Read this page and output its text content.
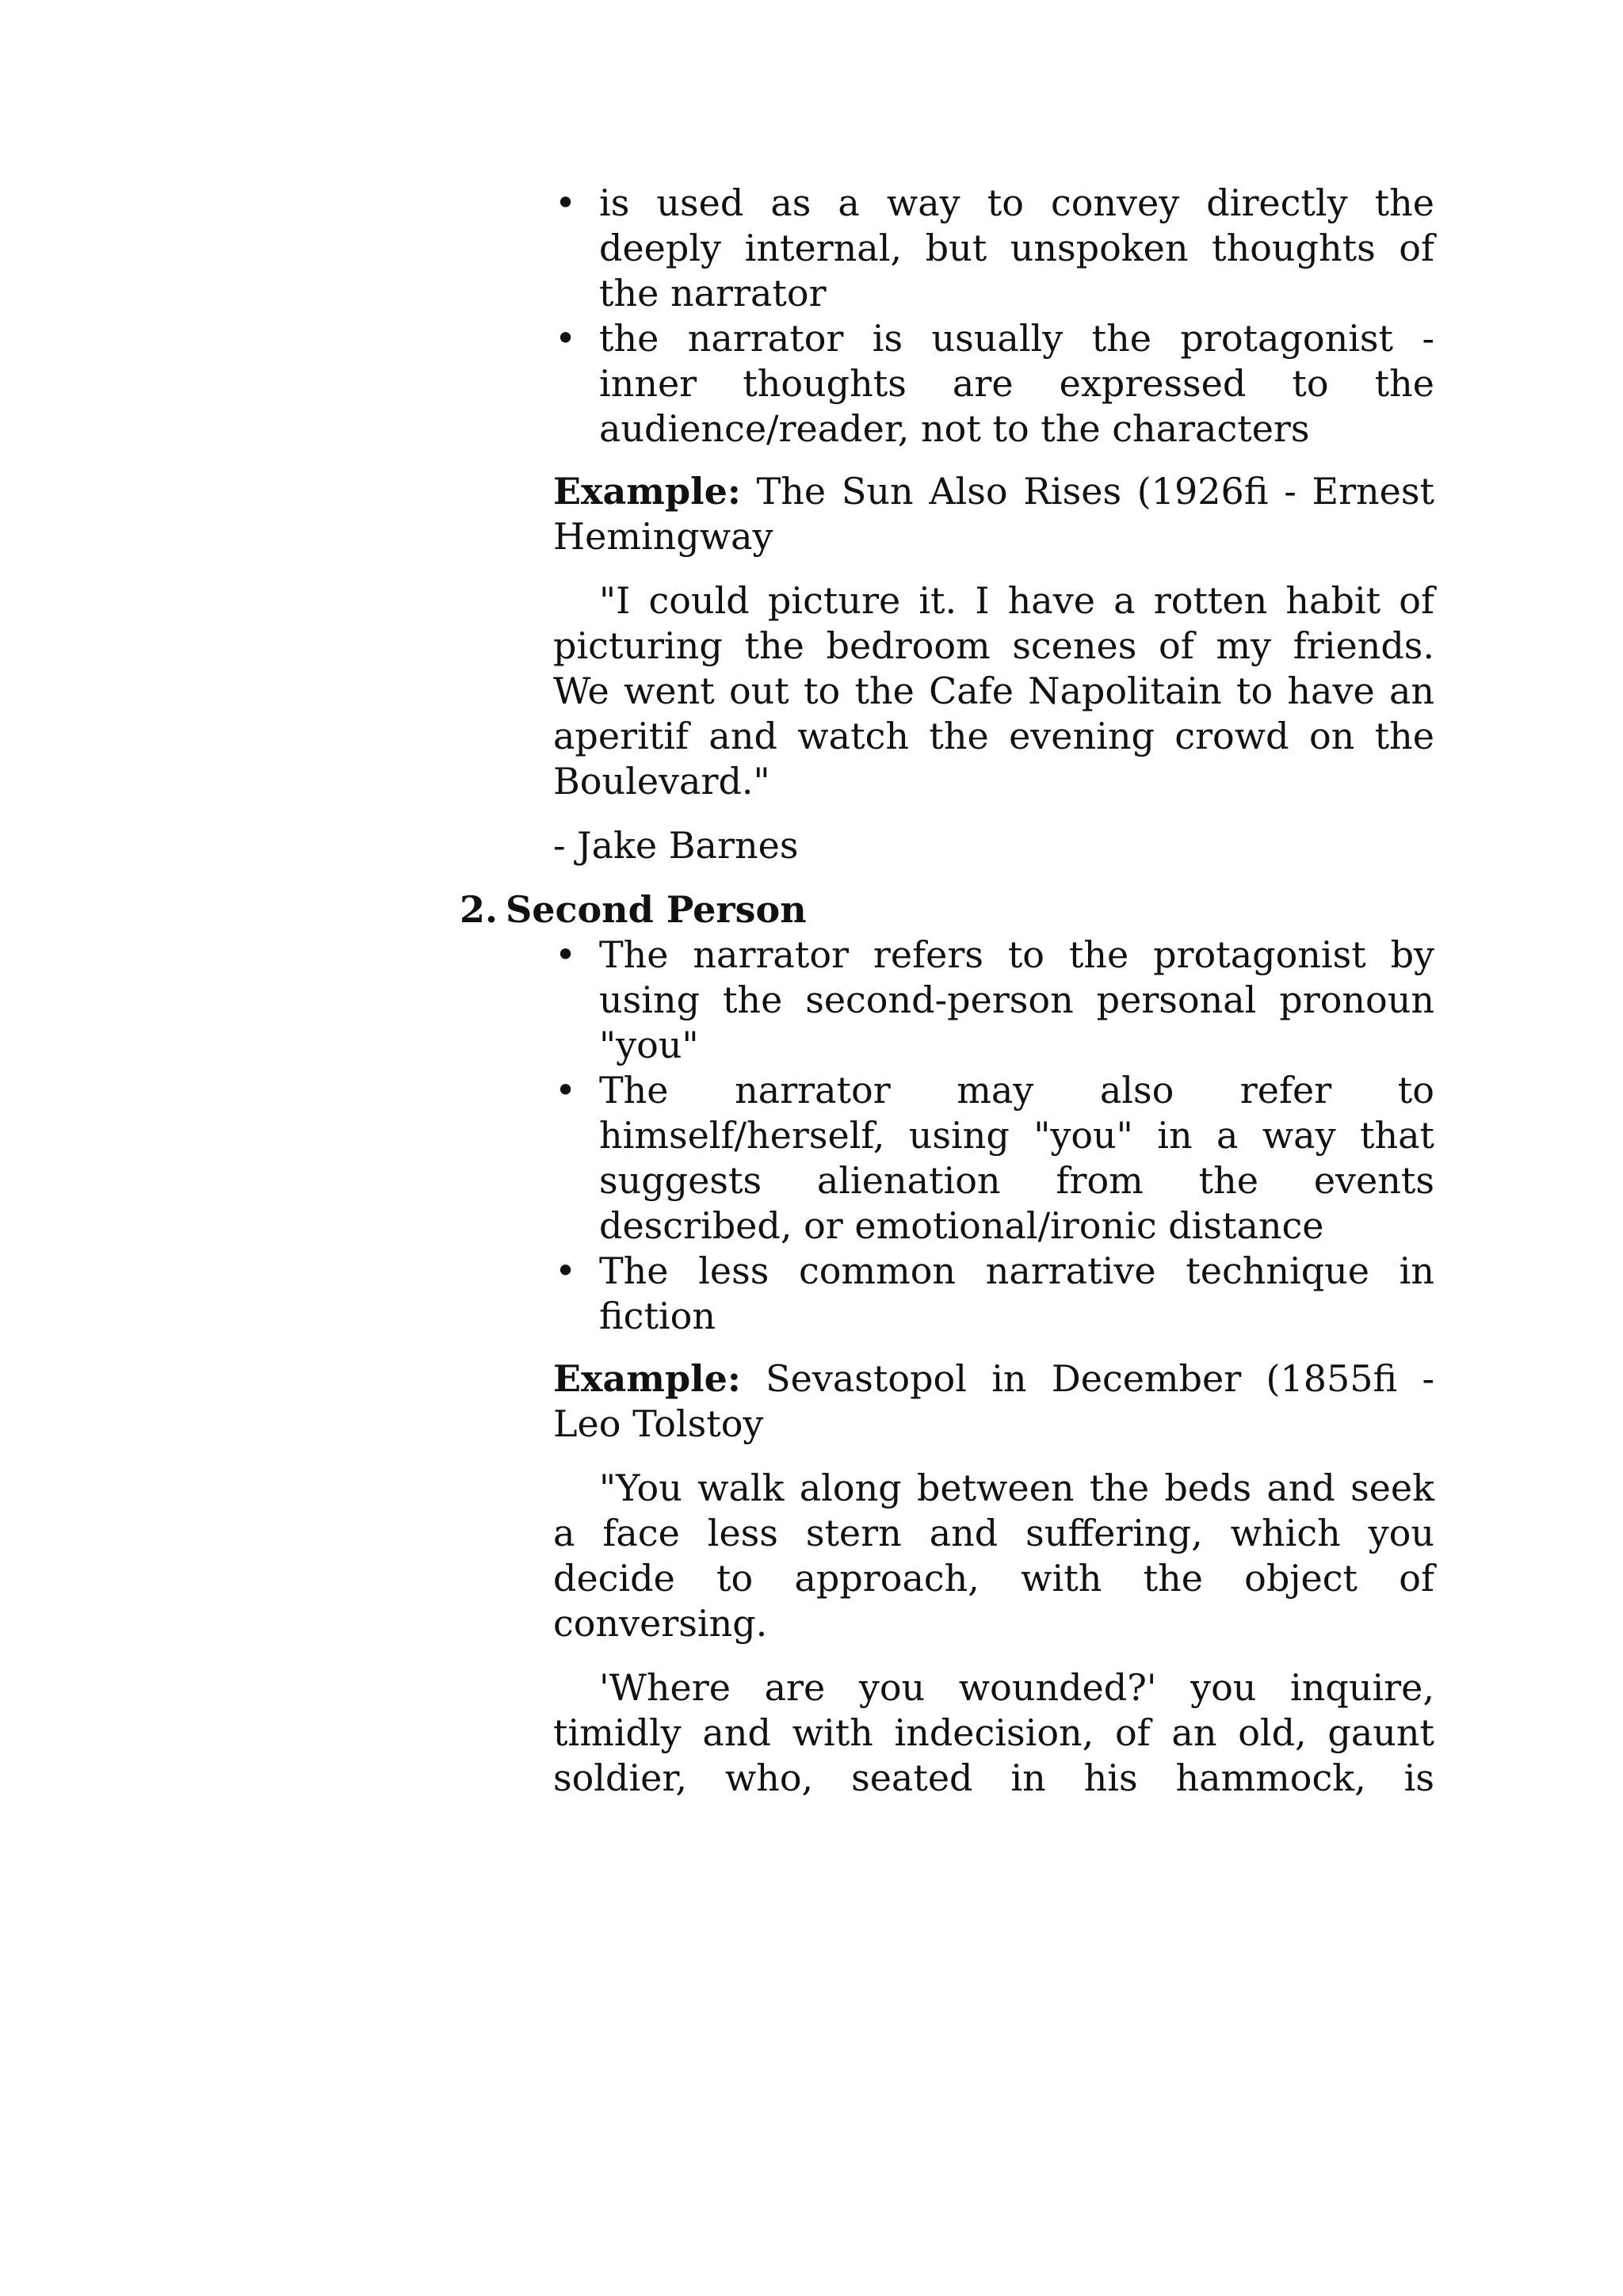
• is used as a way to convey directly the deeply internal, but unspoken thoughts of the narrator
• the narrator is usually the protagonist - inner thoughts are expressed to the audience/reader, not to the characters
Example: The Sun Also Rises (1926fi - Ernest Hemingway
"I could picture it. I have a rotten habit of picturing the bedroom scenes of my friends. We went out to the Cafe Napolitain to have an aperitif and watch the evening crowd on the Boulevard."
- Jake Barnes
2. Second Person
• The narrator refers to the protagonist by using the second-person personal pronoun "you"
• The narrator may also refer to himself/herself, using "you" in a way that suggests alienation from the events described, or emotional/ironic distance
• The less common narrative technique in fiction
Example: Sevastopol in December (1855fi - Leo Tolstoy
"You walk along between the beds and seek a face less stern and suffering, which you decide to approach, with the object of conversing.
'Where are you wounded?' you inquire, timidly and with indecision, of an old, gaunt soldier, who, seated in his hammock, is
